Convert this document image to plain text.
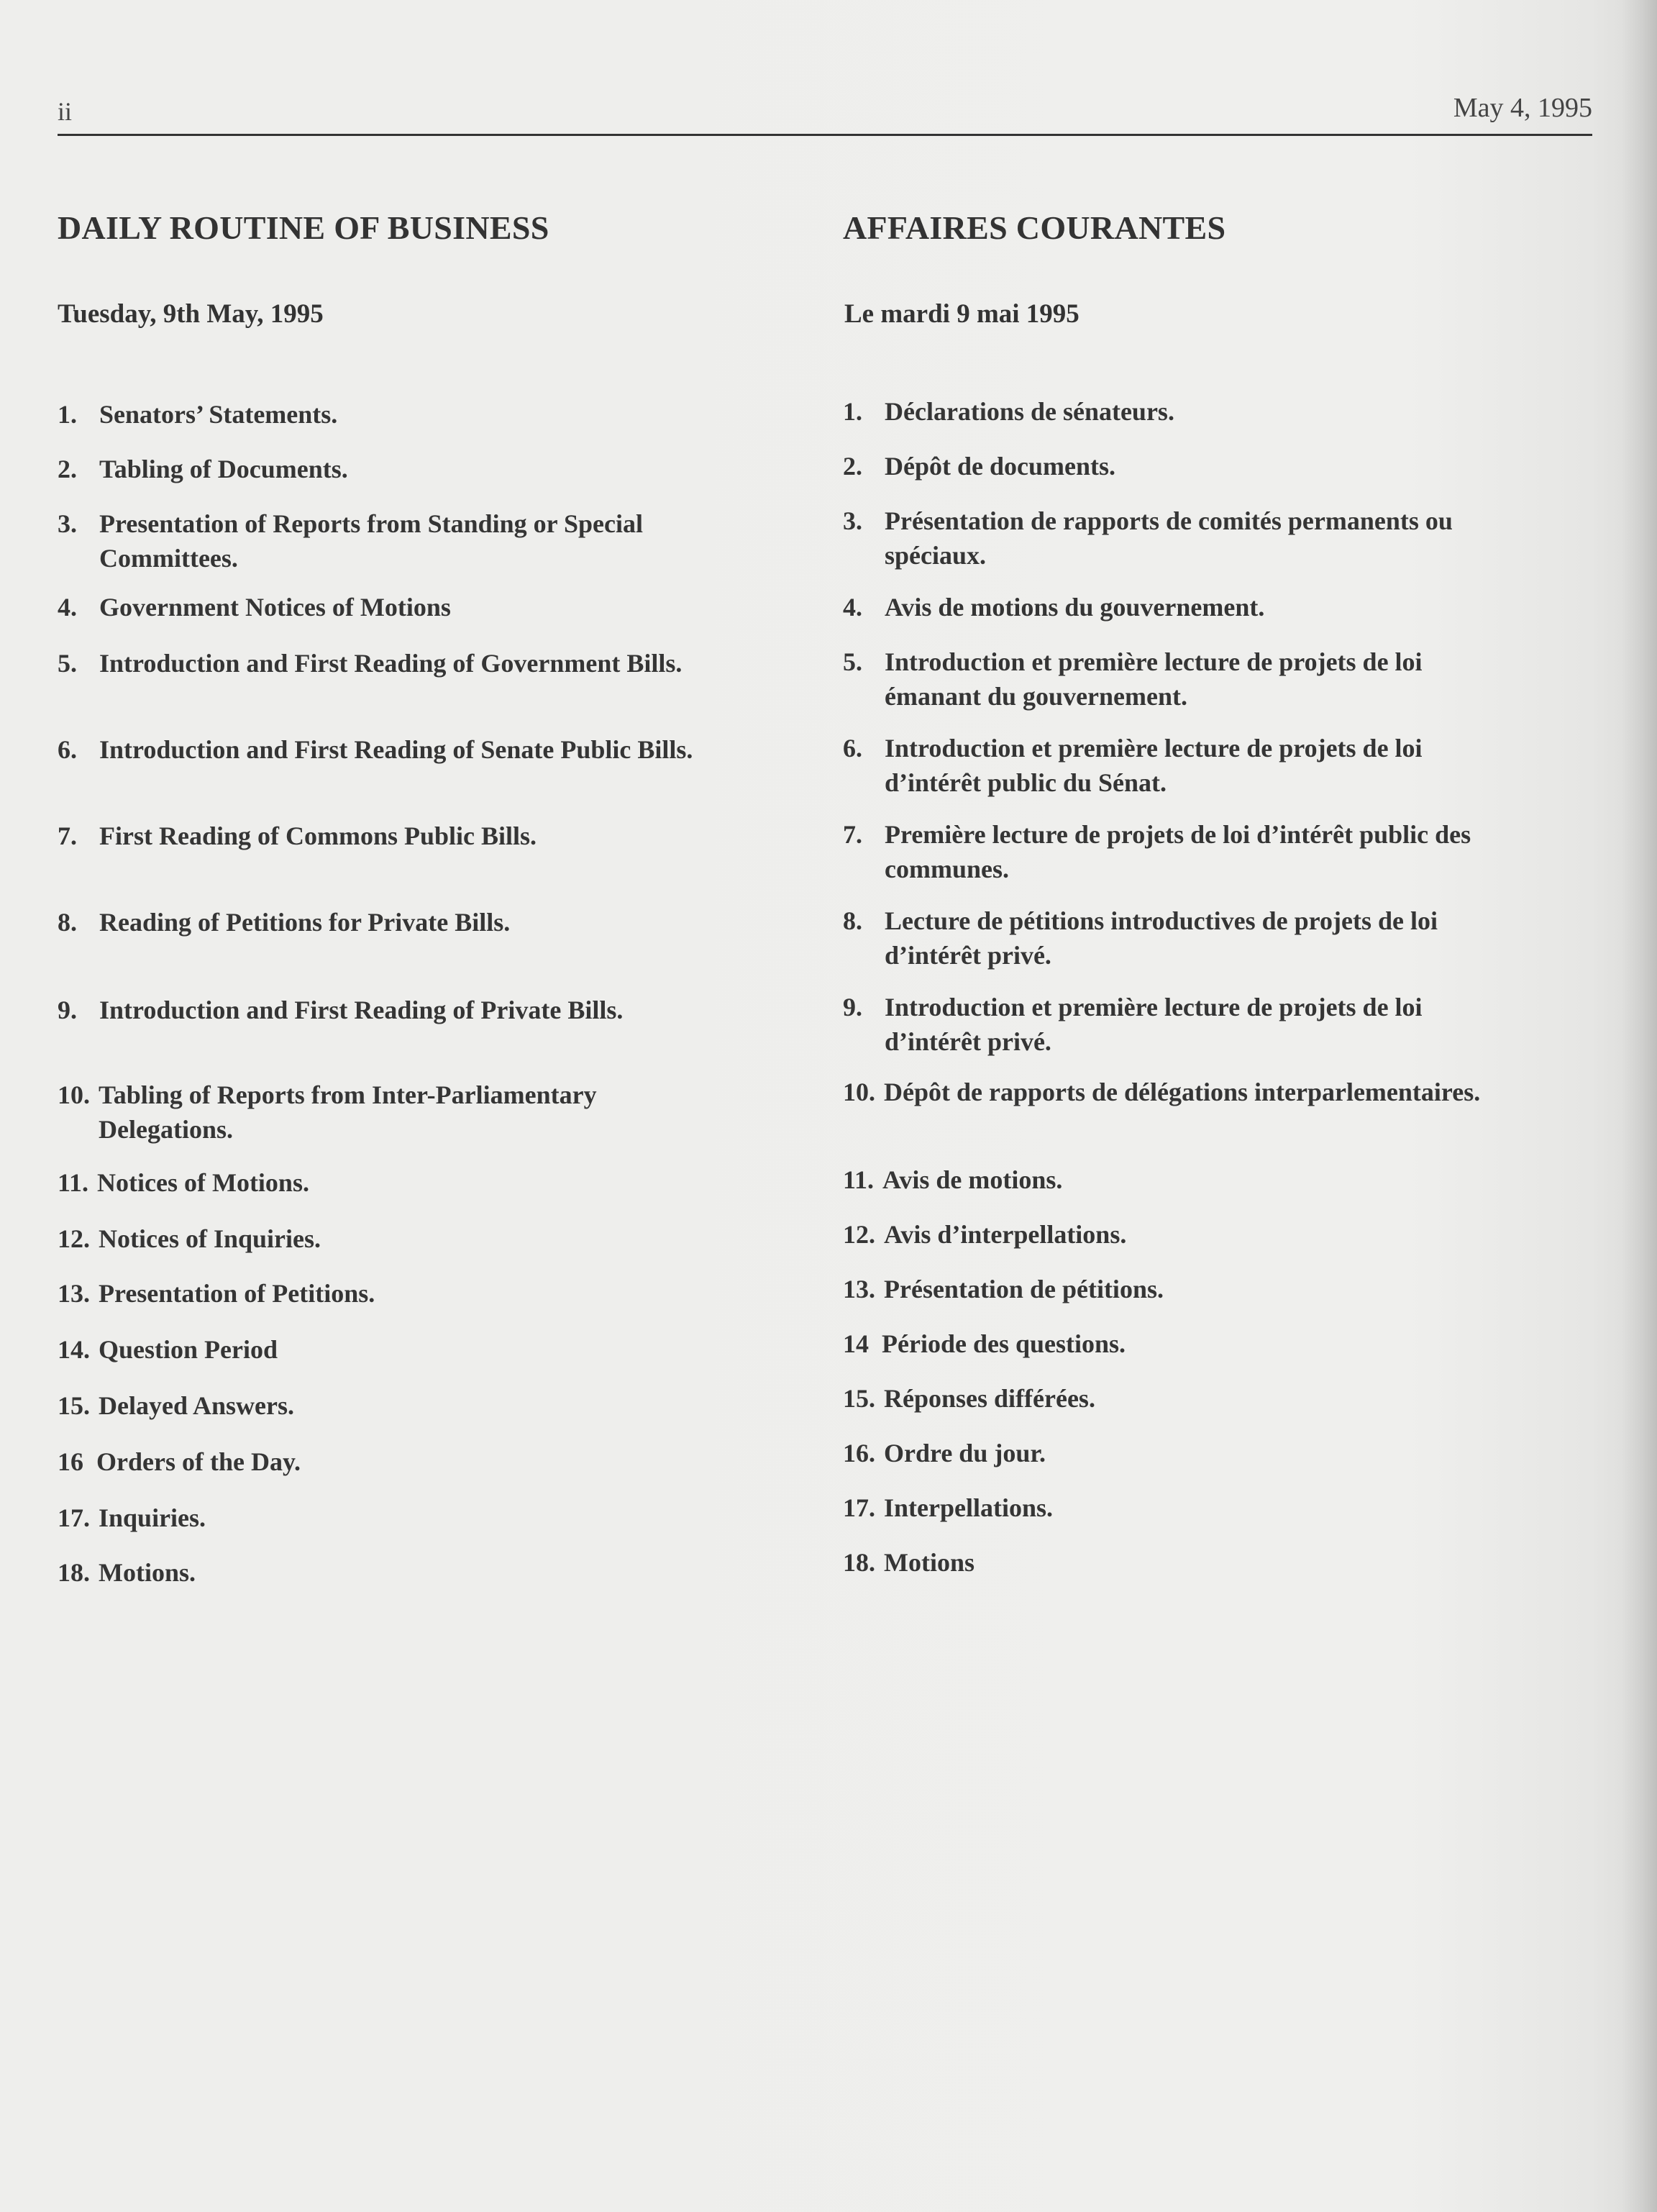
ii	May 4, 1995
DAILY ROUTINE OF BUSINESS
Tuesday, 9th May, 1995
1. Senators’ Statements.
2. Tabling of Documents.
3. Presentation of Reports from Standing or Special Committees.
4. Government Notices of Motions
5. Introduction and First Reading of Government Bills.
6. Introduction and First Reading of Senate Public Bills.
7. First Reading of Commons Public Bills.
8. Reading of Petitions for Private Bills.
9. Introduction and First Reading of Private Bills.
10. Tabling of Reports from Inter-Parliamentary Delegations.
11. Notices of Motions.
12. Notices of Inquiries.
13. Presentation of Petitions.
14. Question Period
15. Delayed Answers.
16 Orders of the Day.
17. Inquiries.
18. Motions.
AFFAIRES COURANTES
Le mardi 9 mai 1995
1. Déclarations de sénateurs.
2. Dépôt de documents.
3. Présentation de rapports de comités permanents ou spéciaux.
4. Avis de motions du gouvernement.
5. Introduction et première lecture de projets de loi émanant du gouvernement.
6. Introduction et première lecture de projets de loi d’intérêt public du Sénat.
7. Première lecture de projets de loi d’intérêt public des communes.
8. Lecture de pétitions introductives de projets de loi d’intérêt privé.
9. Introduction et première lecture de projets de loi d’intérêt privé.
10. Dépôt de rapports de délégations interparlementaires.
11. Avis de motions.
12. Avis d’interpellations.
13. Présentation de pétitions.
14 Période des questions.
15. Réponses différées.
16. Ordre du jour.
17. Interpellations.
18. Motions
